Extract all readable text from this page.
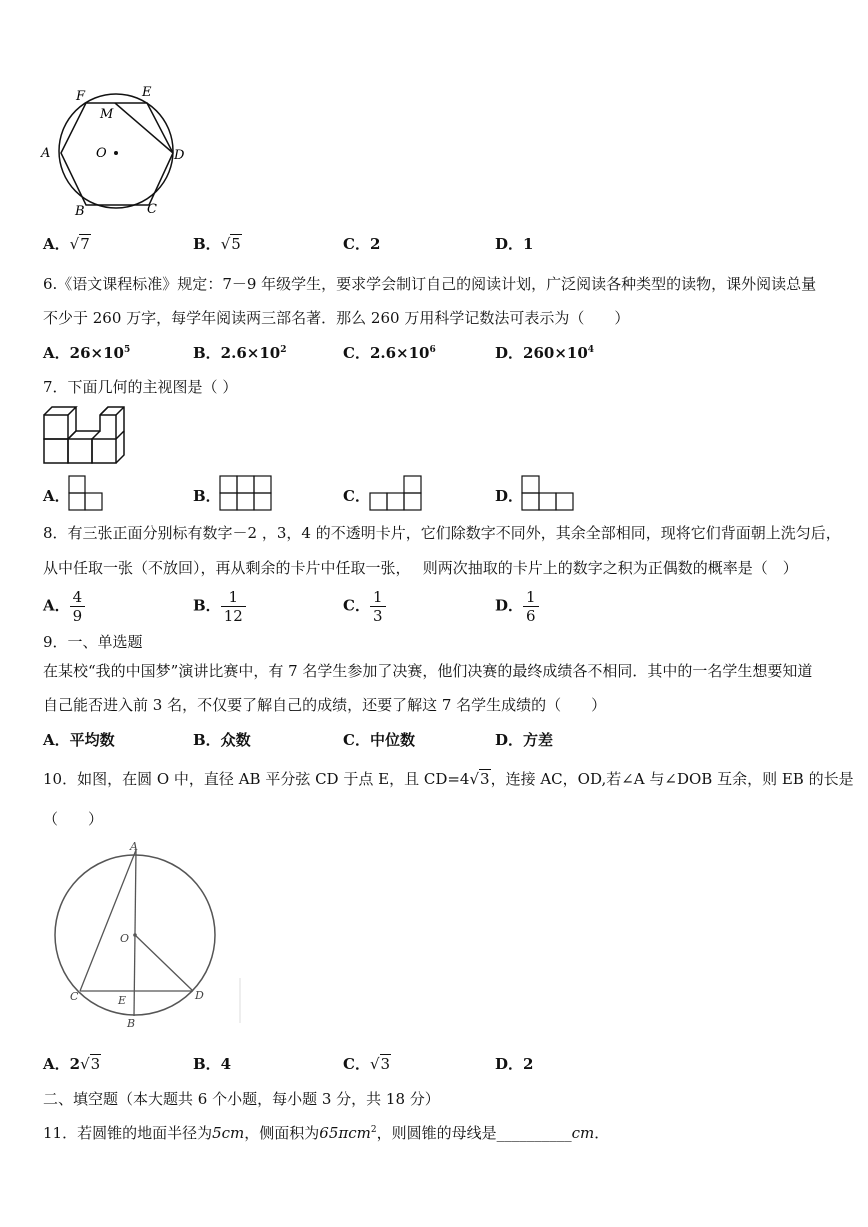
F	E
M
A	O	D
B	C
A．√7	B．√5	C．2	D．1
6.《语文课程标准》规定：7－9 年级学生，要求学会制订自己的阅读计划，广泛阅读各种类型的读物，课外阅读总量
不少于 260 万字，每学年阅读两三部名著．那么 260 万用科学记数法可表示为（　　）
A．$26\times 10^5$	B．$2.6\times 10^2$	C．$2.6\times 10^6$	D．$260\times 10^4$
7．下面几何的主视图是（ ）
A．	B．	C．	D．
8．有三张正面分别标有数字－2 ，3，4 的不透明卡片，它们除数字不同外，其余全部相同，现将它们背面朝上洗匀后，
从中任取一张（不放回），再从剩余的卡片中任取一张，　 则两次抽取的卡片上的数字之积为正偶数的概率是（　）
A． $\frac{4}{9}$	B． $\frac{1}{12}$	C． $\frac{1}{3}$	D． $\frac{1}{6}$
9．一、单选题
在某校“我的中国梦”演讲比赛中，有 7 名学生参加了决赛，他们决赛的最终成绩各不相同．其中的一名学生想要知道
自己能否进入前 3 名，不仅要了解自己的成绩，还要了解这 7 名学生成绩的（　　）
A．平均数	B．众数	C．中位数	D．方差
10．如图，在圆 O 中，直径 AB 平分弦 CD 于点 E，且 CD=4√3，连接 AC，OD,若∠A 与∠DOB 互余，则 EB 的长是
（　　）
A
O
C	E	D
B
A．2√3	B．4	C．√3	D．2
二、填空题（本大题共 6 个小题，每小题 3 分，共 18 分）
11．若圆锥的地面半径为5cm，侧面积为65πcm$^2$，则圆锥的母线是__________cm．
